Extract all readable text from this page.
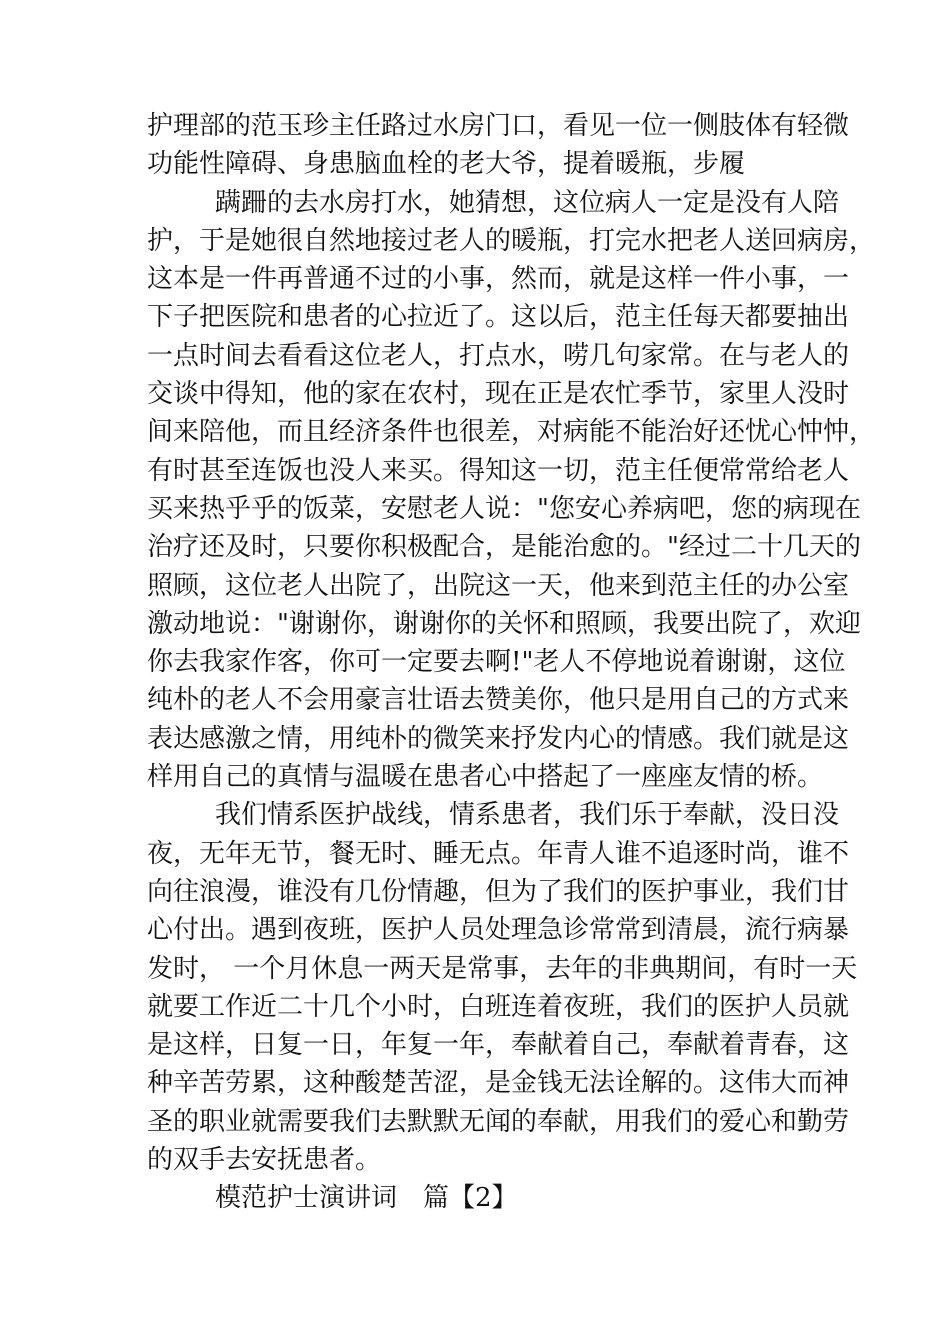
护理部的范玉珍主任路过水房门口，看见一位一侧肢体有轻微
功能性障碍、身患脑血栓的老大爷，提着暖瓶，步履
蹒跚的去水房打水，她猜想，这位病人一定是没有人陪
护，于是她很自然地接过老人的暖瓶，打完水把老人送回病房，
这本是一件再普通不过的小事，然而，就是这样一件小事，一
下子把医院和患者的心拉近了。这以后，范主任每天都要抽出
一点时间去看看这位老人，打点水，唠几句家常。在与老人的
交谈中得知，他的家在农村，现在正是农忙季节，家里人没时
间来陪他，而且经济条件也很差，对病能不能治好还忧心忡忡，
有时甚至连饭也没人来买。得知这一切，范主任便常常给老人
买来热乎乎的饭菜，安慰老人说："您安心养病吧，您的病现在
治疗还及时，只要你积极配合，是能治愈的。"经过二十几天的
照顾，这位老人出院了，出院这一天，他来到范主任的办公室
激动地说："谢谢你，谢谢你的关怀和照顾，我要出院了，欢迎
你去我家作客，你可一定要去啊!"老人不停地说着谢谢，这位
纯朴的老人不会用豪言壮语去赞美你，他只是用自己的方式来
表达感激之情，用纯朴的微笑来抒发内心的情感。我们就是这
样用自己的真情与温暖在患者心中搭起了一座座友情的桥。
我们情系医护战线，情系患者，我们乐于奉献，没日没
夜，无年无节，餐无时、睡无点。年青人谁不追逐时尚，谁不
向往浪漫，谁没有几份情趣，但为了我们的医护事业，我们甘
心付出。遇到夜班，医护人员处理急诊常常到清晨，流行病暴
发时， 一个月休息一两天是常事，去年的非典期间，有时一天
就要工作近二十几个小时，白班连着夜班，我们的医护人员就
是这样，日复一日，年复一年，奉献着自己，奉献着青春，这
种辛苦劳累，这种酸楚苦涩，是金钱无法诠解的。这伟大而神
圣的职业就需要我们去默默无闻的奉献，用我们的爱心和勤劳
的双手去安抚患者。
模范护士演讲词　篇【2】
